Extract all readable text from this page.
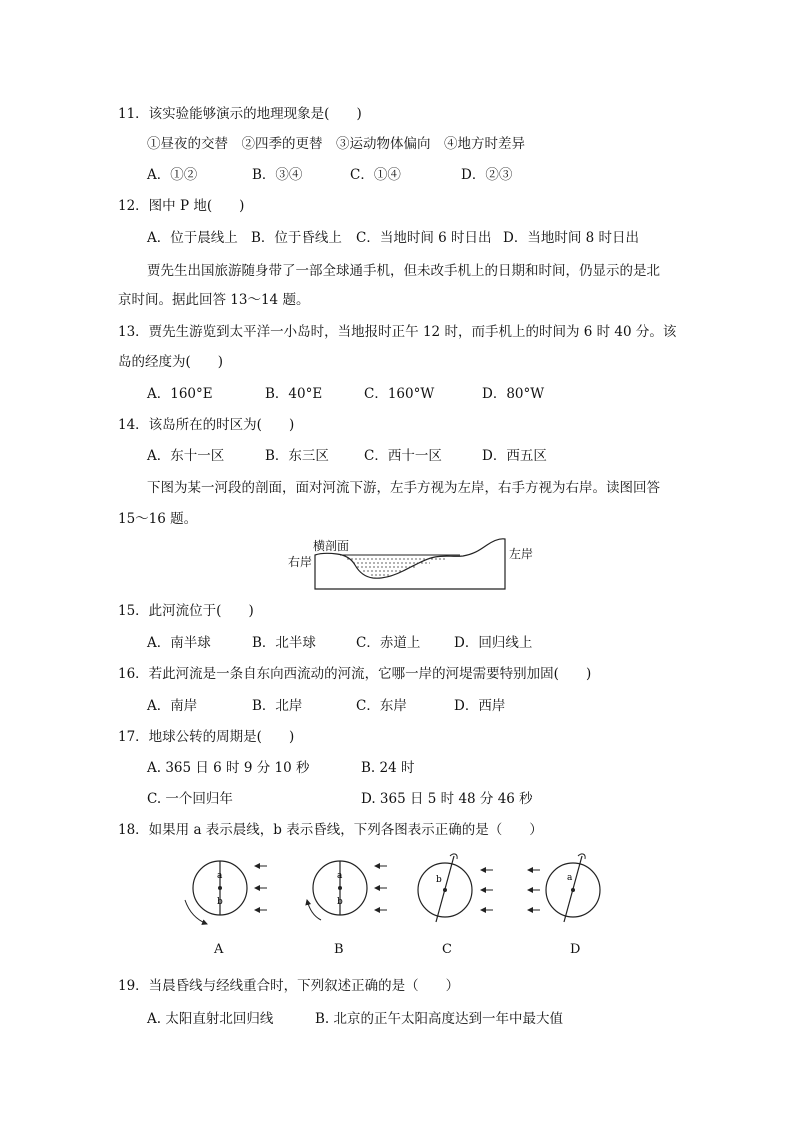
11．该实验能够演示的地理现象是(　　)
①昼夜的交替　②四季的更替　③运动物体偏向　④地方时差异
A．①②	B．③④	C．①④	D．②③
12．图中 P 地(　　)
A．位于晨线上 B．位于昏线上 C．当地时间 6 时日出 D．当地时间 8 时日出
贾先生出国旅游随身带了一部全球通手机，但未改手机上的日期和时间，仍显示的是北
京时间。据此回答 13～14 题。
13．贾先生游览到太平洋一小岛时，当地报时正午 12 时，而手机上的时间为 6 时 40 分。该
岛的经度为(　　)
A．160°E	B．40°E	C．160°W	D．80°W
14．该岛所在的时区为(　　)
A．东十一区	B．东三区	C．西十一区	D．西五区
下图为某一河段的剖面，面对河流下游，左手方视为左岸，右手方视为右岸。读图回答
15～16 题。
横剖面
右岸
左岸
15．此河流位于(　　)
A．南半球	B．北半球	C．赤道上 D．回归线上
16．若此河流是一条自东向西流动的河流，它哪一岸的河堤需要特别加固(　　)
A．南岸	B．北岸	C．东岸	D．西岸
17．地球公转的周期是(　　)
A. 365 日 6 时 9 分 10 秒	B. 24 时
C. 一个回归年	D. 365 日 5 时 48 分 46 秒
18．如果用 a 表示晨线，b 表示昏线，下列各图表示正确的是（　　）
a
b
a
b
b	a
A	B	C	D
19．当晨昏线与经线重合时，下列叙述正确的是（　　）
A. 太阳直射北回归线	B. 北京的正午太阳高度达到一年中最大值
